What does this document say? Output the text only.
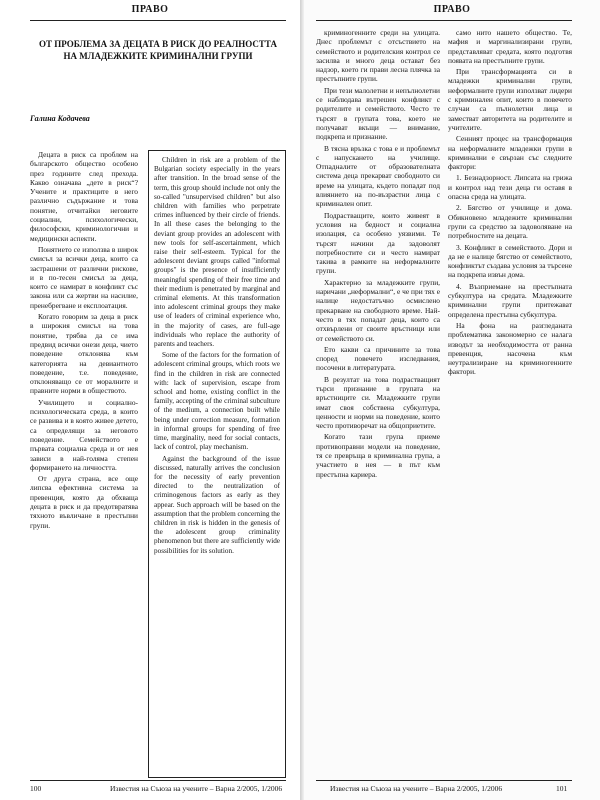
ПРАВО
ОТ ПРОБЛЕМА ЗА ДЕЦАТА В РИСК ДО РЕАЛНОСТТА
НА МЛАДЕЖКИТЕ КРИМИНАЛНИ ГРУПИ
Галина Кодачева

Децата в риск са проблем на българското общество особено през годините след прехода. Какво означава „дете в риск“? Учените и практиците в него различно съдържание и това понятие, отчитайки неговите социални, психологически, философски, криминологични и медицински аспекти.

Понятието се използва в широк смисъл за всички деца, които са застрашени от различни рискове, и в по-тесен смисъл за деца, които се намират в конфликт със закона или са жертви на насилие, пренебрегване и експлоатация.

Когато говорим за деца в риск в широкия смисъл на това понятие, трябва да се има предвид всички онези деца, чието поведение отклонява към категорията на девиантното поведение, т.е. поведение, отклоняващо се от моралните и правните норми в обществото.

Училището и социално-психологическата среда, в които се развива и в която живее детето, са определящи за неговото поведение. Семейството е първата социална среда и от нея зависи в най-голяма степен формирането на личността.

От друга страна, все още липсва ефективна система за превенция, която да обхваща децата в риск и да предотвратява тяхното въвличане в престъпни групи.

Children in risk are a problem of the Bulgarian society especially in the years after transition. In the broad sense of the term, this group should include not only the so-called "unsupervised children" but also children with families who perpetrate crimes influenced by their circle of friends. In all these cases the belonging to the deviant group provides an adolescent with new tools for self-ascertainment, which raise their self-esteem. Typical for the adolescent deviant groups called "informal groups" is the presence of insufficiently meaningful spending of their free time and their medium is penetrated by marginal and criminal elements. At this transformation into adolescent criminal groups they make use of leaders of criminal experience who, in the majority of cases, are full-age individuals who replace the authority of parents and teachers.

Some of the factors for the formation of adolescent criminal groups, which roots we find in the children in risk are connected with: lack of supervision, escape from school and home, existing conflict in the family, accepting of the criminal subculture of the medium, a connection built while being under correction measure, formation in informal groups for spending of free time, marginality, need for social contacts, lack of control, play mechanism.

Against the background of the issue discussed, naturally arrives the conclusion for the necessity of early prevention directed to the neutralization of criminogenous factors as early as they appear. Such approach will be based on the assumption that the problem concerning the children in risk is hidden in the genesis of the adolescent group criminality phenomenon but there are sufficiently wide possibilities for its solution.

100	Известия на Съюза на учените – Варна 2/2005, 1/2006
ПРАВО

криминогенните среди на улицата. Днес проблемът с отсъствието на семейството и родителския контрол се засилва и много деца остават без надзор, което ги прави лесна плячка за престъпните групи.

При тези малолетни и непълнолетни се наблюдава вътрешен конфликт с родителите и семейството. Често те търсят в групата това, което не получават вкъщи — внимание, подкрепа и признание.

В тясна връзка с това е и проблемът с напускането на училище. Отпадналите от образователната система деца прекарват свободното си време на улицата, където попадат под влиянието на по-възрастни лица с криминален опит.

Подрастващите, които живеят в условия на бедност и социална изолация, са особено уязвими. Те търсят начини да задоволят потребностите си и често намират такива в рамките на неформалните групи.

Характерно за младежките групи, наричани „неформални“, е че при тях е налице недостатъчно осмислено прекарване на свободното време. Най-често в тях попадат деца, които са отхвърлени от своите връстници или от семейството си.

Ето какви са причините за това според повечето изследвания, посочени в литературата.

В резултат на това подрастващият търси признание в групата на връстниците си. Младежките групи имат своя собствена субкултура, ценности и норми на поведение, които често противоречат на общоприетите.

Когато тази група приеме противоправни модели на поведение, тя се превръща в криминална група, а участието в нея — в път към престъпна кариера.

само нито нашето общество. Те, мафия и маргинализирани групи, представляват средата, която подготвя появата на престъпните групи.

При трансформацията си в младежки криминални групи, неформалните групи използват лидери с криминален опит, които в повечето случаи са пълнолетни лица и заместват авторитета на родителите и учителите.

Сенният процес на трансформация на неформалните младежки групи в криминални е свързан със следните фактори:

1. Безнадзорност. Липсата на грижа и контрол над тези деца ги оставя в опасна среда на улицата.

2. Бягство от училище и дома. Обикновено младежите криминални групи са средство за задоволяване на потребностите на децата.

3. Конфликт в семейството. Дори и да не е налице бягство от семейството, конфликтът създава условия за търсене на подкрепа извън дома.

4. Възприемане на престъпната субкултура на средата. Младежките криминални групи притежават определена престъпна субкултура.

На фона на разгледаната проблематика закономерно се налага изводът за необходимостта от ранна превенция, насочена към неутрализиране на криминогенните фактори.

Известия на Съюза на учените – Варна 2/2005, 1/2006	101
